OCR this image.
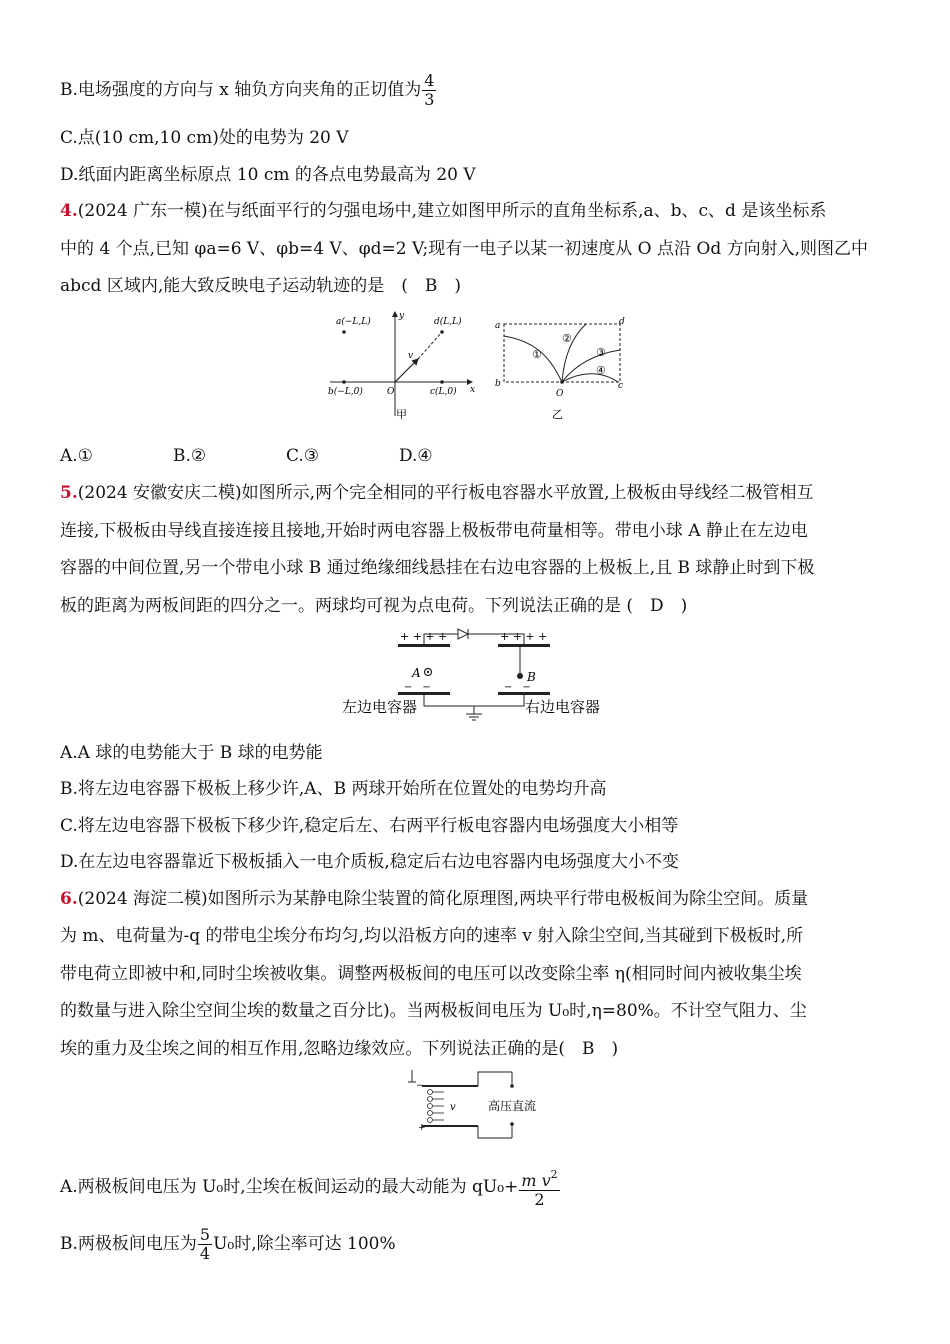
B.电场强度的方向与 x 轴负方向夹角的正切值为 $\frac{4}{3}$
C.点(10 cm,10 cm)处的电势为 20 V
D.纸面内距离坐标原点 10 cm 的各点电势最高为 20 V
4.(2024 广东一模)在与纸面平行的匀强电场中,建立如图甲所示的直角坐标系,a、b、c、d 是该坐标系
中的 4 个点,已知 φa=6 V、φb=4 V、φd=2 V;现有一电子以某一初速度从 O 点沿 Od 方向射入,则图乙中
abcd 区域内,能大致反映电子运动轨迹的是　(　B　)
a(−L,L)	d(L,L)
b(−L,0)	c(L,0)
O
v
x
y
甲
a	d
b	c
O
①
②
③
④
乙
A.①	B.②	C.③	D.④
5.(2024 安徽安庆二模)如图所示,两个完全相同的平行板电容器水平放置,上极板由导线经二极管相互
连接,下极板由导线直接连接且接地,开始时两电容器上极板带电荷量相等。带电小球 A 静止在左边电
容器的中间位置,另一个带电小球 B 通过绝缘细线悬挂在右边电容器的上极板上,且 B 球静止时到下极
板的距离为两板间距的四分之一。两球均可视为点电荷。下列说法正确的是 (　D　)
+ + + +	+ + + +
−　−	−　−
A	B
左边电容器	右边电容器
A.A 球的电势能大于 B 球的电势能
B.将左边电容器下极板上移少许,A、B 两球开始所在位置处的电势均升高
C.将左边电容器下极板下移少许,稳定后左、右两平行板电容器内电场强度大小相等
D.在左边电容器靠近下极板插入一电介质板,稳定后右边电容器内电场强度大小不变
6.(2024 海淀二模)如图所示为某静电除尘装置的简化原理图,两块平行带电极板间为除尘空间。质量
为 m、电荷量为-q 的带电尘埃分布均匀,均以沿板方向的速率 v 射入除尘空间,当其碰到下极板时,所
带电荷立即被中和,同时尘埃被收集。调整两极板间的电压可以改变除尘率 η(相同时间内被收集尘埃
的数量与进入除尘空间尘埃的数量之百分比)。当两极板间电压为 U₀时,η=80%。不计空气阻力、尘
埃的重力及尘埃之间的相互作用,忽略边缘效应。下列说法正确的是(　B　)
−
+
v	高压直流
A.两极板间电压为 U₀时,尘埃在板间运动的最大动能为 $qU_0+ \frac{m v^2}{2}$
B.两极板间电压为 $\frac{5}{4} U_0$时,除尘率可达 100%
